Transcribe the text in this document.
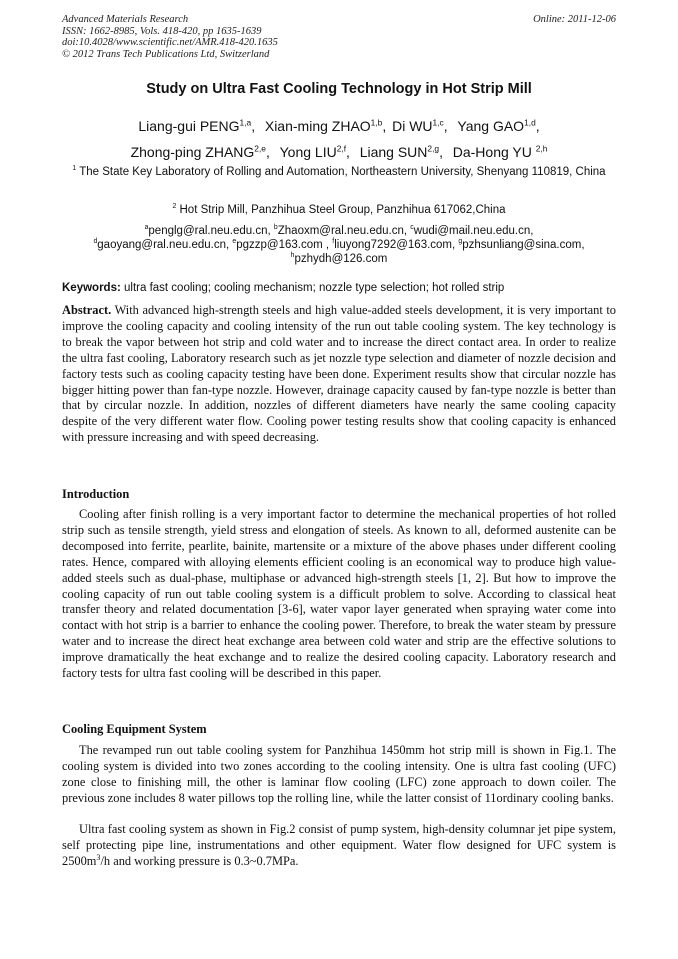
Advanced Materials Research
ISSN: 1662-8985, Vols. 418-420, pp 1635-1639
doi:10.4028/www.scientific.net/AMR.418-420.1635
© 2012 Trans Tech Publications Ltd, Switzerland
Online: 2011-12-06
Study on Ultra Fast Cooling Technology in Hot Strip Mill
Liang-gui PENG$^{1,a}$, Xian-ming ZHAO$^{1,b}$, Di WU$^{1,c}$, Yang GAO$^{1,d}$,
Zhong-ping ZHANG$^{2,e}$, Yong LIU$^{2,f}$, Liang SUN$^{2,g}$, Da-Hong YU $^{2,h}$
$^1$ The State Key Laboratory of Rolling and Automation, Northeastern University, Shenyang 110819, China
$^2$ Hot Strip Mill, Panzhihua Steel Group, Panzhihua 617062,China
$^a$penglg@ral.neu.edu.cn, $^b$Zhaoxm@ral.neu.edu.cn, $^c$wudi@mail.neu.edu.cn,
$^d$gaoyang@ral.neu.edu.cn, $^e$pgzzp@163.com , $^f$liuyong7292@163.com, $^g$pzhsunliang@sina.com,
$^h$pzhydh@126.com
Keywords: ultra fast cooling; cooling mechanism; nozzle type selection; hot rolled strip
Abstract. With advanced high-strength steels and high value-added steels development, it is very important to improve the cooling capacity and cooling intensity of the run out table cooling system. The key technology is to break the vapor between hot strip and cold water and to increase the direct contact area. In order to realize the ultra fast cooling, Laboratory research such as jet nozzle type selection and diameter of nozzle decision and factory tests such as cooling capacity testing have been done. Experiment results show that circular nozzle has bigger hitting power than fan-type nozzle. However, drainage capacity caused by fan-type nozzle is better than that by circular nozzle. In addition, nozzles of different diameters have nearly the same cooling capacity despite of the very different water flow. Cooling power testing results show that cooling capacity is enhanced with pressure increasing and with speed decreasing.
Introduction
Cooling after finish rolling is a very important factor to determine the mechanical properties of hot rolled strip such as tensile strength, yield stress and elongation of steels. As known to all, deformed austenite can be decomposed into ferrite, pearlite, bainite, martensite or a mixture of the above phases under different cooling rates. Hence, compared with alloying elements efficient cooling is an economical way to produce high value-added steels such as dual-phase, multiphase or advanced high-strength steels [1, 2]. But how to improve the cooling capacity of run out table cooling system is a difficult problem to solve. According to classical heat transfer theory and related documentation [3-6], water vapor layer generated when spraying water come into contact with hot strip is a barrier to enhance the cooling power. Therefore, to break the water steam by pressure water and to increase the direct heat exchange area between cold water and strip are the effective solutions to improve dramatically the heat exchange and to realize the desired cooling capacity. Laboratory research and factory tests for ultra fast cooling will be described in this paper.
Cooling Equipment System
The revamped run out table cooling system for Panzhihua 1450mm hot strip mill is shown in Fig.1. The cooling system is divided into two zones according to the cooling intensity. One is ultra fast cooling (UFC) zone close to finishing mill, the other is laminar flow cooling (LFC) zone approach to down coiler. The previous zone includes 8 water pillows top the rolling line, while the latter consist of 11ordinary cooling banks.
Ultra fast cooling system as shown in Fig.2 consist of pump system, high-density columnar jet pipe system, self protecting pipe line, instrumentations and other equipment. Water flow designed for UFC system is $2500m^3/h$ and working pressure is 0.3~0.7MPa.
